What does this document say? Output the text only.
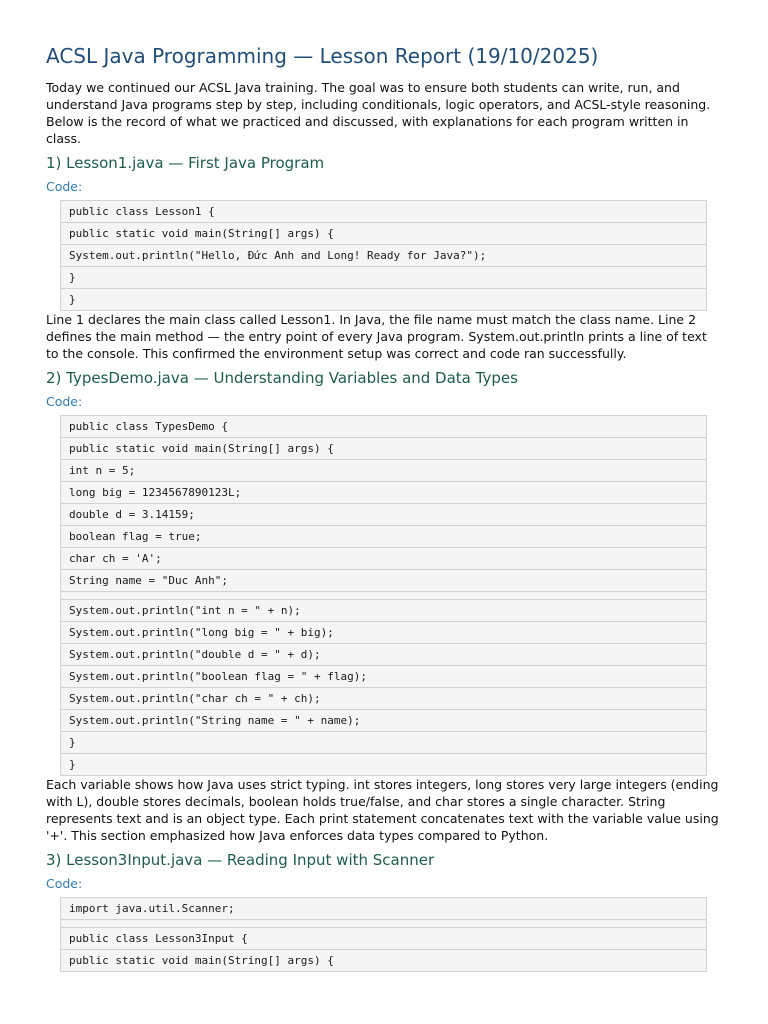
ACSL Java Programming — Lesson Report (19/10/2025)

Today we continued our ACSL Java training. The goal was to ensure both students can write, run, and understand Java programs step by step, including conditionals, logic operators, and ACSL-style reasoning. Below is the record of what we practiced and discussed, with explanations for each program written in class.

1) Lesson1.java — First Java Program
Code:
public class Lesson1 {
public static void main(String[] args) {
System.out.println("Hello, Đức Anh and Long! Ready for Java?");
}
}

Line 1 declares the main class called Lesson1. In Java, the file name must match the class name. Line 2 defines the main method — the entry point of every Java program. System.out.println prints a line of text to the console. This confirmed the environment setup was correct and code ran successfully.

2) TypesDemo.java — Understanding Variables and Data Types
Code:
public class TypesDemo {
public static void main(String[] args) {
int n = 5;
long big = 1234567890123L;
double d = 3.14159;
boolean flag = true;
char ch = 'A';
String name = "Duc Anh";
System.out.println("int n = " + n);
System.out.println("long big = " + big);
System.out.println("double d = " + d);
System.out.println("boolean flag = " + flag);
System.out.println("char ch = " + ch);
System.out.println("String name = " + name);
}
}

Each variable shows how Java uses strict typing. int stores integers, long stores very large integers (ending with L), double stores decimals, boolean holds true/false, and char stores a single character. String represents text and is an object type. Each print statement concatenates text with the variable value using '+'. This section emphasized how Java enforces data types compared to Python.

3) Lesson3Input.java — Reading Input with Scanner
Code:
import java.util.Scanner;
public class Lesson3Input {
public static void main(String[] args) {
